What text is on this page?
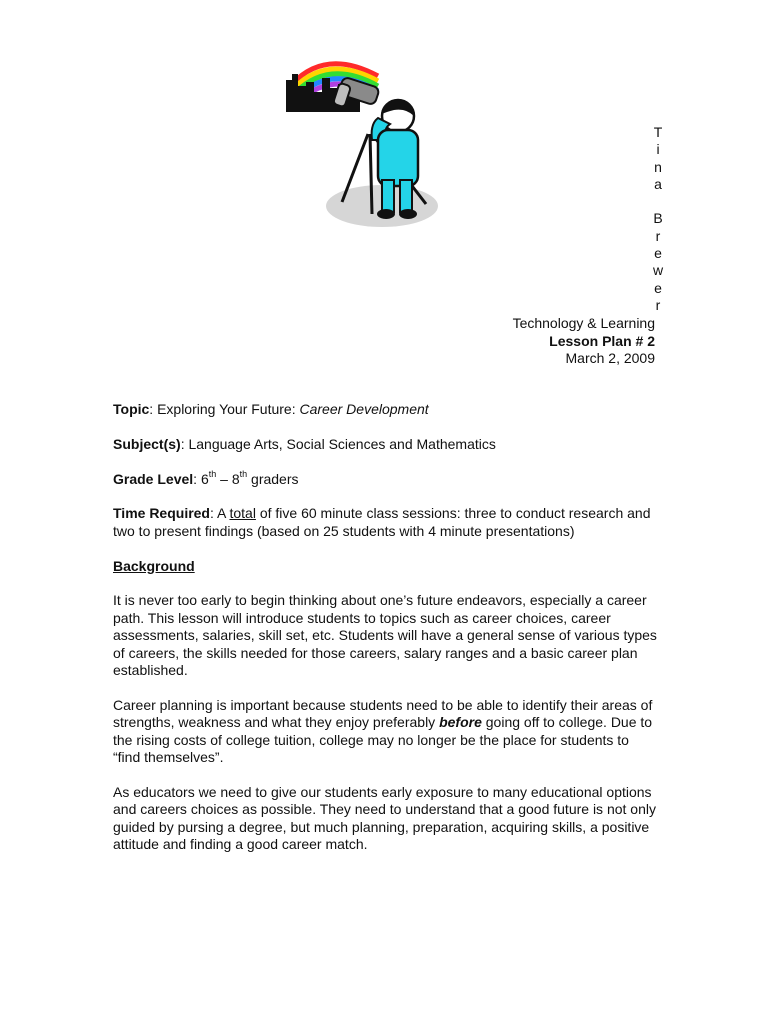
T
i
n
a

B
r
e
w
e
r
Technology & Learning
Lesson Plan # 2
March 2, 2009

Topic: Exploring Your Future: Career Development

Subject(s): Language Arts, Social Sciences and Mathematics

Grade Level: 6th – 8th graders

Time Required: A total of five 60 minute class sessions: three to conduct research and two to present findings (based on 25 students with 4 minute presentations)

Background

It is never too early to begin thinking about one’s future endeavors, especially a career path. This lesson will introduce students to topics such as career choices, career assessments, salaries, skill set, etc. Students will have a general sense of various types of careers, the skills needed for those careers, salary ranges and a basic career plan established.

Career planning is important because students need to be able to identify their areas of strengths, weakness and what they enjoy preferably before going off to college. Due to the rising costs of college tuition, college may no longer be the place for students to “find themselves”.

As educators we need to give our students early exposure to many educational options and careers choices as possible. They need to understand that a good future is not only guided by pursing a degree, but much planning, preparation, acquiring skills, a positive attitude and finding a good career match.
